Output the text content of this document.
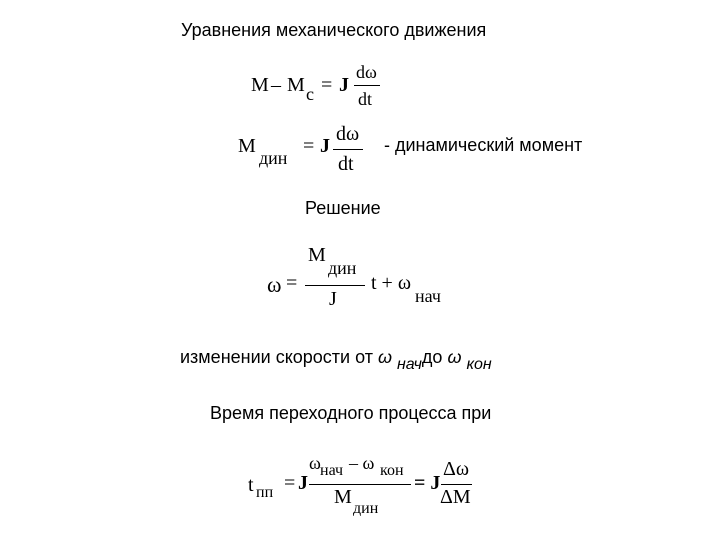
Уравнения механического движения
M – M c = J
dω
dt
M
дин
= J
dω
dt
- динамический момент
Решение
ω =
M
дин
J
t + ω
нач
изменении скорости от ω $_{нач}$до ω $_{кон}$
Время переходного процесса при
t пп = J
ω нач – ω кон
M
дин
= J
Δω
ΔM
